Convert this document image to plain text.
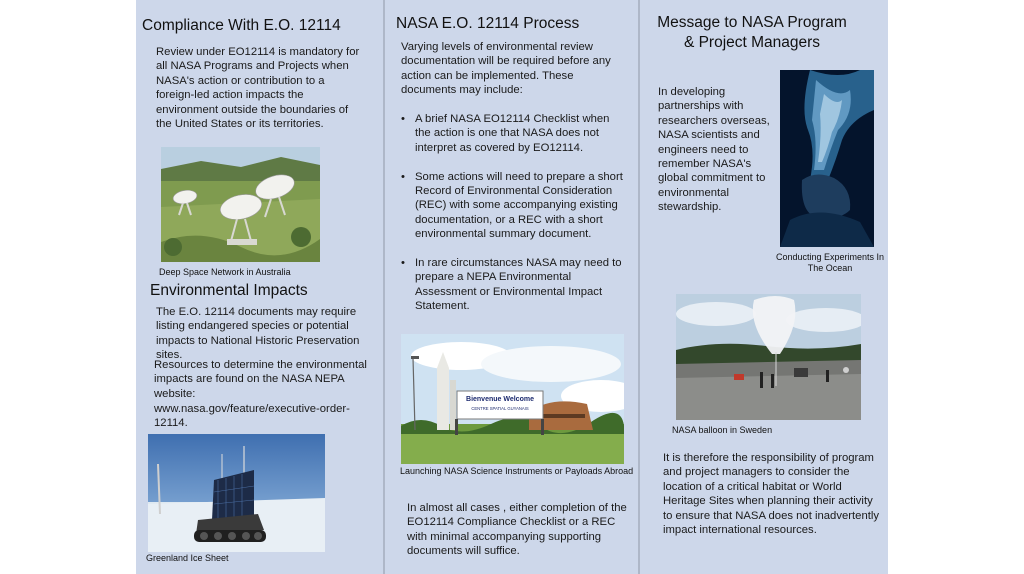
Compliance With E.O. 12114
Review under EO12114 is mandatory for all NASA Programs and Projects when NASA's action or contribution to a foreign-led action impacts the environment outside the boundaries of the United States or its territories.
Deep Space Network in Australia
Environmental Impacts
The E.O. 12114 documents may require listing endangered species or potential impacts to National Historic Preservation sites.
Resources to determine the environmental impacts are found on the NASA NEPA website:
www.nasa.gov/feature/executive-order-12114.
Greenland Ice Sheet
NASA E.O. 12114 Process
Varying levels of environmental review documentation will be required before any action can be implemented. These documents may include:
• A brief NASA EO12114 Checklist when the action is one that NASA does not interpret as covered by EO12114.
• Some actions will need to prepare a short Record of Environmental Consideration (REC) with some accompanying existing documentation, or a REC with a short environmental summary document.
• In rare circumstances NASA may need to prepare a NEPA Environmental Assessment or Environmental Impact Statement.
Bienvenue Welcome
CENTRE SPATIAL GUYANAIS
Launching NASA Science Instruments or Payloads Abroad
In almost all cases , either completion of the EO12114 Compliance Checklist or a REC with minimal accompanying supporting documents will suffice.
Message to NASA Program & Project Managers
In developing partnerships with researchers overseas, NASA scientists and engineers need to remember NASA's global commitment to environmental stewardship.
Conducting Experiments In The Ocean
NASA balloon in Sweden
It is therefore the responsibility of program and project managers to consider the location of a critical habitat or World Heritage Sites when planning their activity to ensure that NASA does not inadvertently impact international resources.
